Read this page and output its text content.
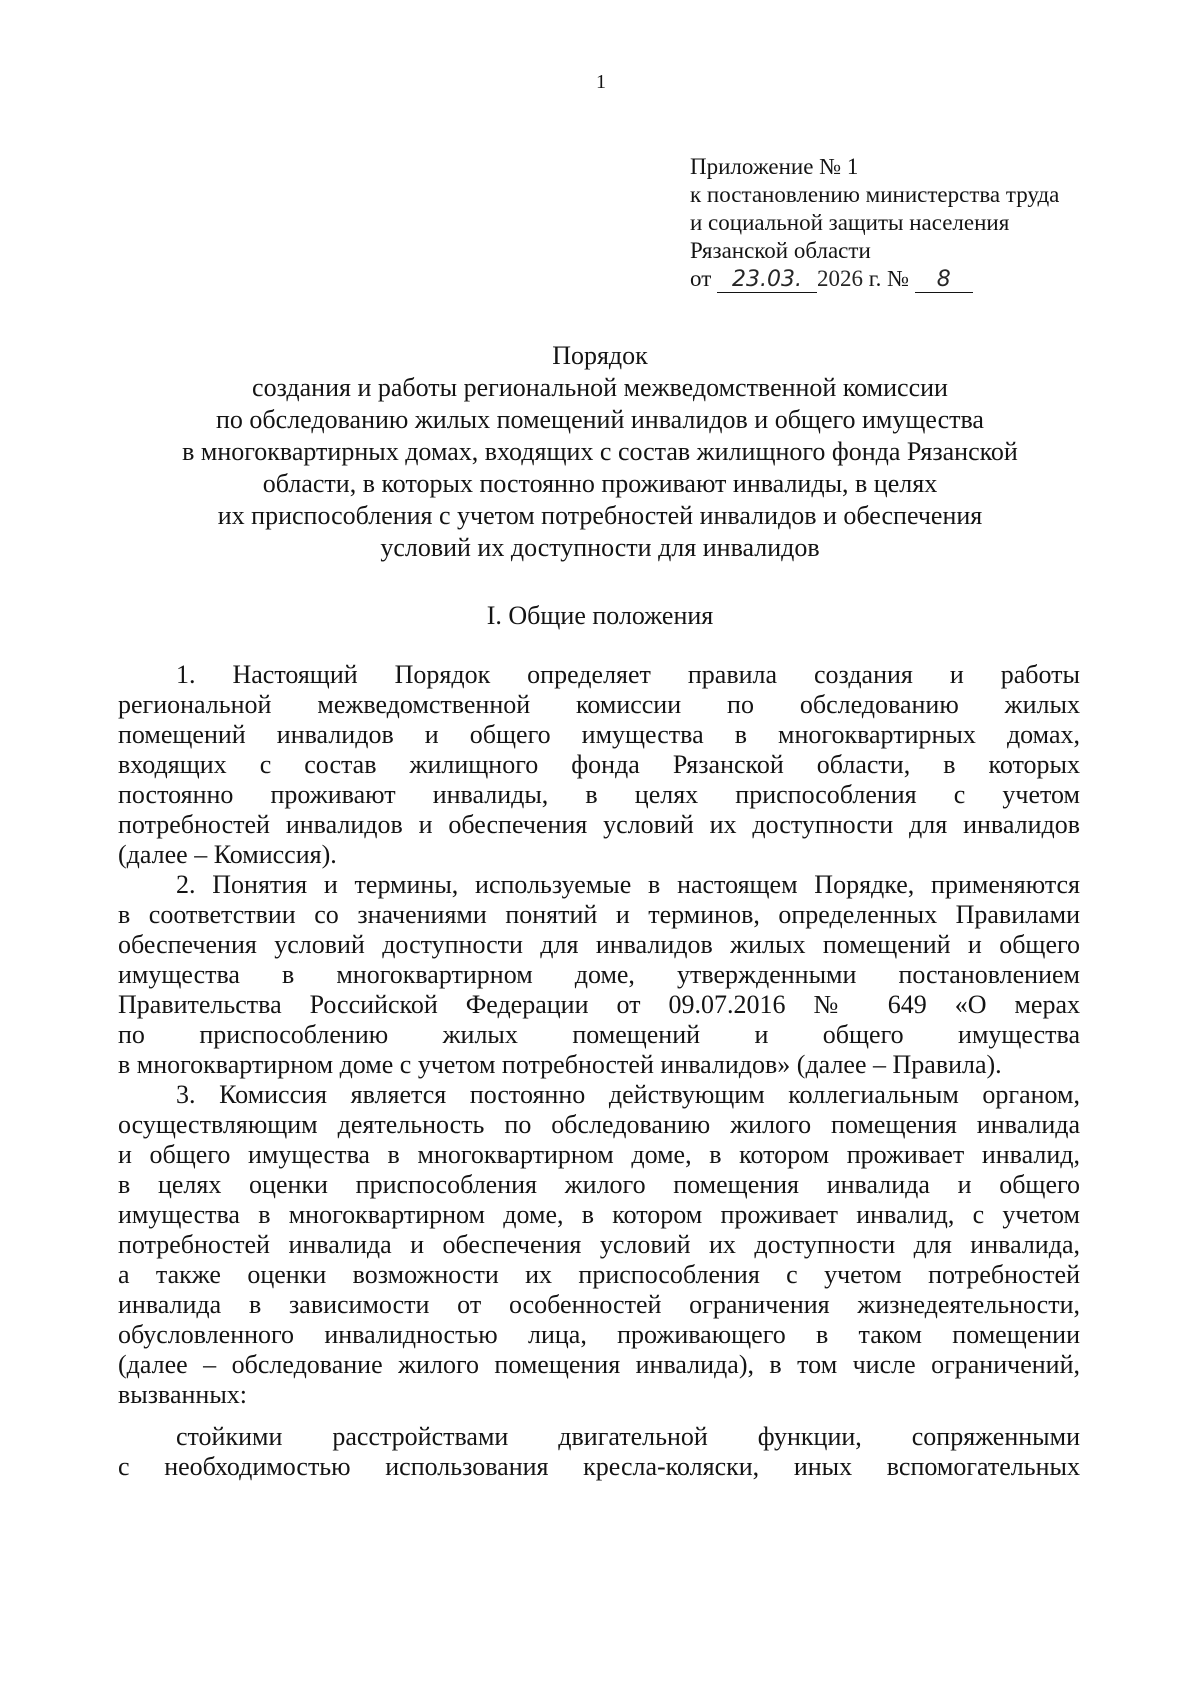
1
Приложение № 1
к постановлению министерства труда
и социальной защиты населения
Рязанской области
от 23.03. 2026 г. № 8
Порядок
создания и работы региональной межведомственной комиссии
по обследованию жилых помещений инвалидов и общего имущества
в многоквартирных домах, входящих с состав жилищного фонда Рязанской
области, в которых постоянно проживают инвалиды, в целях
их приспособления с учетом потребностей инвалидов и обеспечения
условий их доступности для инвалидов
I. Общие положения
1. Настоящий Порядок определяет правила создания и работы
региональной межведомственной комиссии по обследованию жилых
помещений инвалидов и общего имущества в многоквартирных домах,
входящих с состав жилищного фонда Рязанской области, в которых
постоянно проживают инвалиды, в целях приспособления с учетом
потребностей инвалидов и обеспечения условий их доступности для инвалидов
(далее – Комиссия).
2. Понятия и термины, используемые в настоящем Порядке, применяются
в соответствии со значениями понятий и терминов, определенных Правилами
обеспечения условий доступности для инвалидов жилых помещений и общего
имущества в многоквартирном доме, утвержденными постановлением
Правительства Российской Федерации от 09.07.2016 № 649 «О мерах
по приспособлению жилых помещений и общего имущества
в многоквартирном доме с учетом потребностей инвалидов» (далее – Правила).
3. Комиссия является постоянно действующим коллегиальным органом,
осуществляющим деятельность по обследованию жилого помещения инвалида
и общего имущества в многоквартирном доме, в котором проживает инвалид,
в целях оценки приспособления жилого помещения инвалида и общего
имущества в многоквартирном доме, в котором проживает инвалид, с учетом
потребностей инвалида и обеспечения условий их доступности для инвалида,
а также оценки возможности их приспособления с учетом потребностей
инвалида в зависимости от особенностей ограничения жизнедеятельности,
обусловленного инвалидностью лица, проживающего в таком помещении
(далее – обследование жилого помещения инвалида), в том числе ограничений,
вызванных:
стойкими расстройствами двигательной функции, сопряженными
с необходимостью использования кресла-коляски, иных вспомогательных
